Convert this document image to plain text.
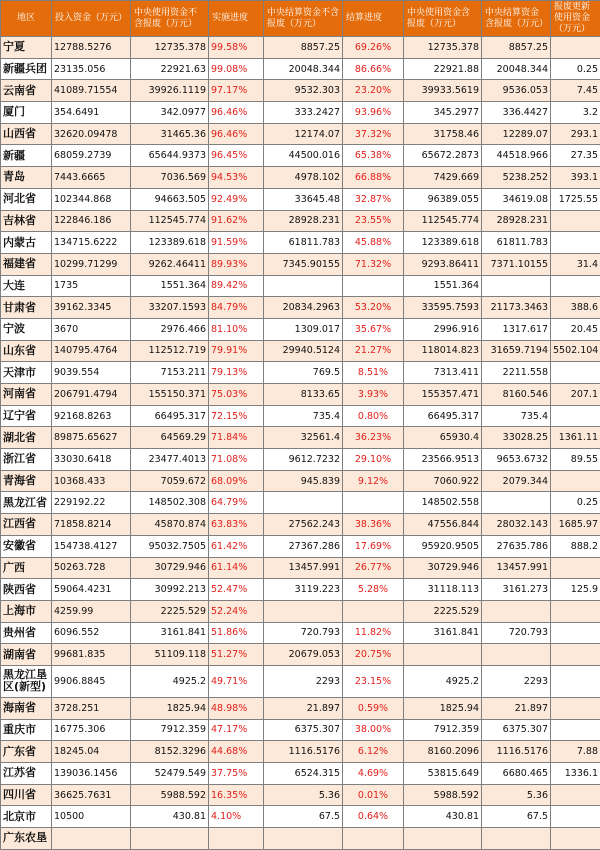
地区	投入资金（万元）	中央使用资金不含报废（万元）	实施进度	中央结算资金不含报废（万元）	结算进度	中央使用资金含报废（万元）	中央结算资金含报废（万元）	报废更新使用资金（万元）
宁夏	12788.5276	12735.378	99.58%	8857.25	69.26%	12735.378	8857.25	
新疆兵团	23135.056	22921.63	99.08%	20048.344	86.66%	22921.88	20048.344	0.25
云南省	41089.71554	39926.1119	97.17%	9532.303	23.20%	39933.5619	9536.053	7.45
厦门	354.6491	342.0977	96.46%	333.2427	93.96%	345.2977	336.4427	3.2
山西省	32620.09478	31465.36	96.46%	12174.07	37.32%	31758.46	12289.07	293.1
新疆	68059.2739	65644.9373	96.45%	44500.016	65.38%	65672.2873	44518.966	27.35
青岛	7443.6665	7036.569	94.53%	4978.102	66.88%	7429.669	5238.252	393.1
河北省	102344.868	94663.505	92.49%	33645.48	32.87%	96389.055	34619.08	1725.55
吉林省	122846.186	112545.774	91.62%	28928.231	23.55%	112545.774	28928.231	
内蒙古	134715.6222	123389.618	91.59%	61811.783	45.88%	123389.618	61811.783	
福建省	10299.71299	9262.46411	89.93%	7345.90155	71.32%	9293.86411	7371.10155	31.4
大连	1735	1551.364	89.42%			1551.364		
甘肃省	39162.3345	33207.1593	84.79%	20834.2963	53.20%	33595.7593	21173.3463	388.6
宁波	3670	2976.466	81.10%	1309.017	35.67%	2996.916	1317.617	20.45
山东省	140795.4764	112512.719	79.91%	29940.5124	21.27%	118014.823	31659.7194	5502.104
天津市	9039.554	7153.211	79.13%	769.5	8.51%	7313.411	2211.558	
河南省	206791.4794	155150.371	75.03%	8133.65	3.93%	155357.471	8160.546	207.1
辽宁省	92168.8263	66495.317	72.15%	735.4	0.80%	66495.317	735.4	
湖北省	89875.65627	64569.29	71.84%	32561.4	36.23%	65930.4	33028.25	1361.11
浙江省	33030.6418	23477.4013	71.08%	9612.7232	29.10%	23566.9513	9653.6732	89.55
青海省	10368.433	7059.672	68.09%	945.839	9.12%	7060.922	2079.344	
黑龙江省	229192.22	148502.308	64.79%			148502.558		0.25
江西省	71858.8214	45870.874	63.83%	27562.243	38.36%	47556.844	28032.143	1685.97
安徽省	154738.4127	95032.7505	61.42%	27367.286	17.69%	95920.9505	27635.786	888.2
广西	50263.728	30729.946	61.14%	13457.991	26.77%	30729.946	13457.991	
陕西省	59064.4231	30992.213	52.47%	3119.223	5.28%	31118.113	3161.273	125.9
上海市	4259.99	2225.529	52.24%			2225.529		
贵州省	6096.552	3161.841	51.86%	720.793	11.82%	3161.841	720.793	
湖南省	99681.835	51109.118	51.27%	20679.053	20.75%			
黑龙江垦区(新型)	9906.8845	4925.2	49.71%	2293	23.15%	4925.2	2293	
海南省	3728.251	1825.94	48.98%	21.897	0.59%	1825.94	21.897	
重庆市	16775.306	7912.359	47.17%	6375.307	38.00%	7912.359	6375.307	
广东省	18245.04	8152.3296	44.68%	1116.5176	6.12%	8160.2096	1116.5176	7.88
江苏省	139036.1456	52479.549	37.75%	6524.315	4.69%	53815.649	6680.465	1336.1
四川省	36625.7631	5988.592	16.35%	5.36	0.01%	5988.592	5.36	
北京市	10500	430.81	4.10%	67.5	0.64%	430.81	67.5	
广东农垦								
